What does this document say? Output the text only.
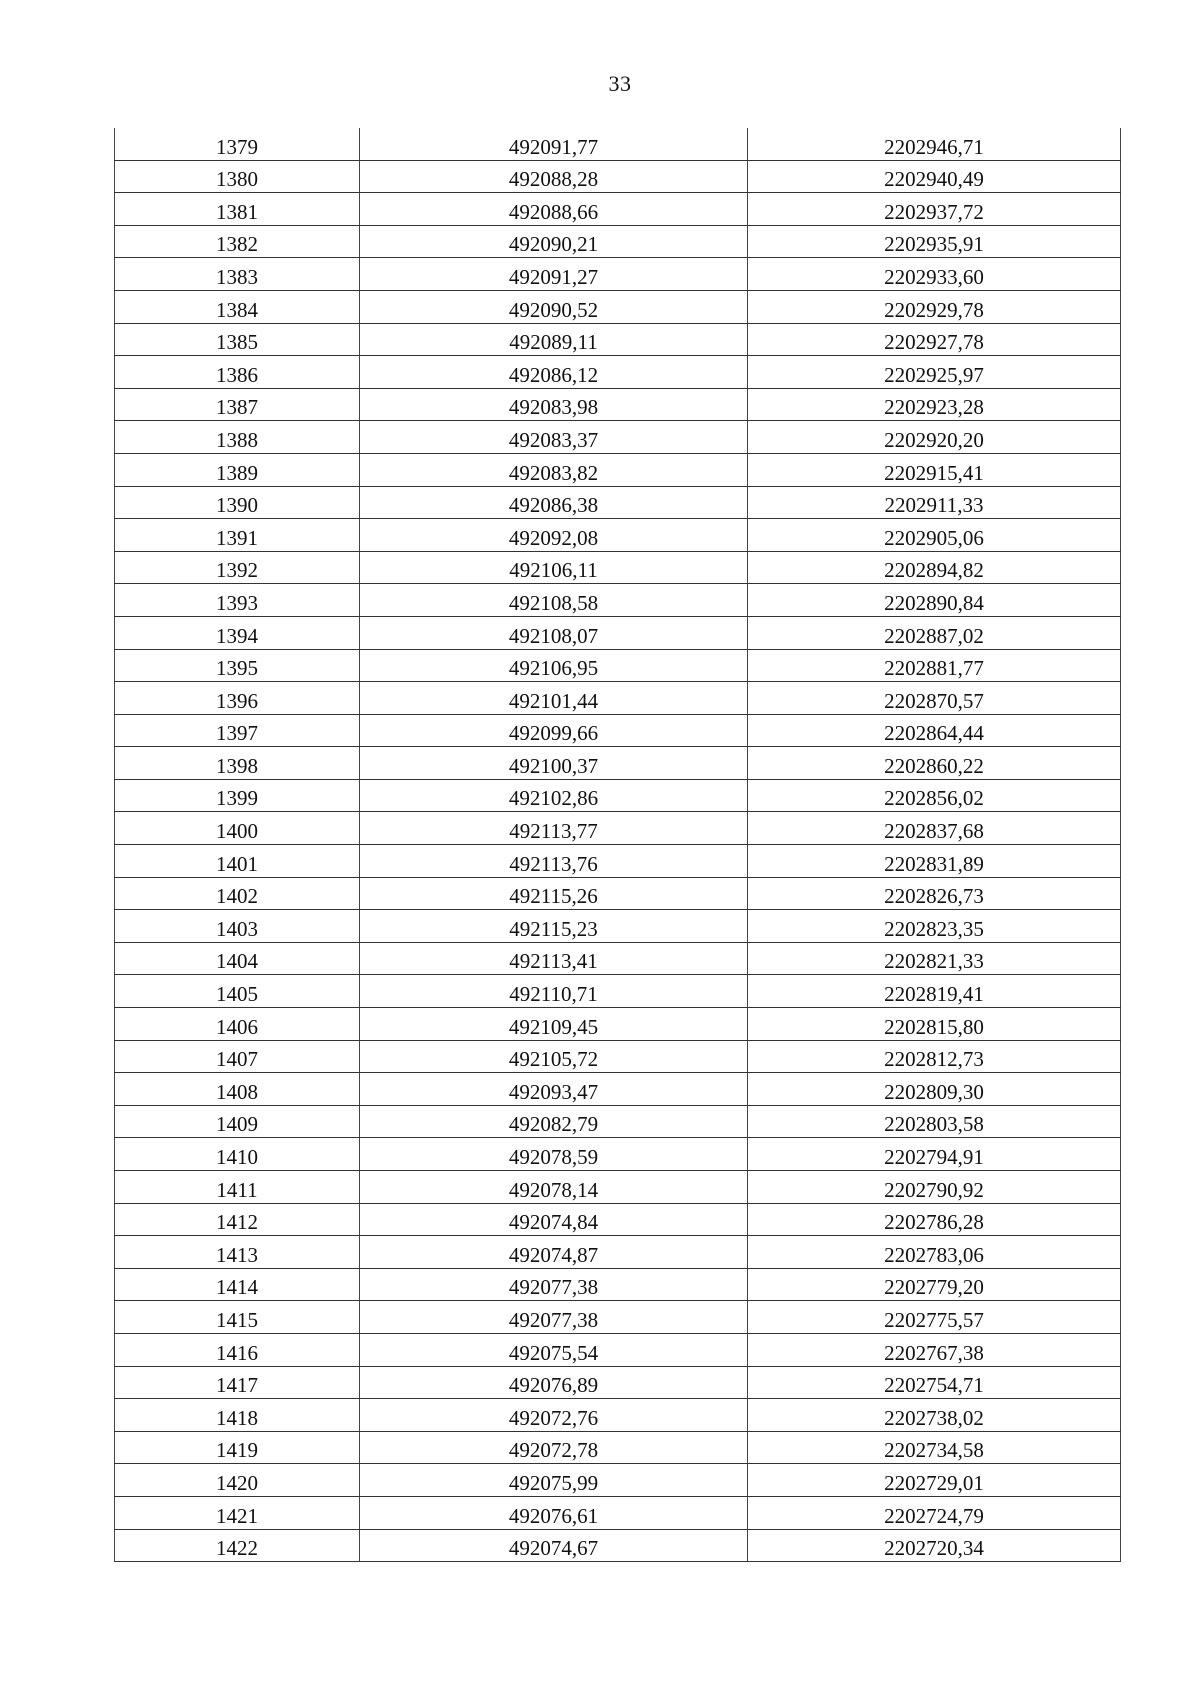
33
1379	492091,77	2202946,71
1380	492088,28	2202940,49
1381	492088,66	2202937,72
1382	492090,21	2202935,91
1383	492091,27	2202933,60
1384	492090,52	2202929,78
1385	492089,11	2202927,78
1386	492086,12	2202925,97
1387	492083,98	2202923,28
1388	492083,37	2202920,20
1389	492083,82	2202915,41
1390	492086,38	2202911,33
1391	492092,08	2202905,06
1392	492106,11	2202894,82
1393	492108,58	2202890,84
1394	492108,07	2202887,02
1395	492106,95	2202881,77
1396	492101,44	2202870,57
1397	492099,66	2202864,44
1398	492100,37	2202860,22
1399	492102,86	2202856,02
1400	492113,77	2202837,68
1401	492113,76	2202831,89
1402	492115,26	2202826,73
1403	492115,23	2202823,35
1404	492113,41	2202821,33
1405	492110,71	2202819,41
1406	492109,45	2202815,80
1407	492105,72	2202812,73
1408	492093,47	2202809,30
1409	492082,79	2202803,58
1410	492078,59	2202794,91
1411	492078,14	2202790,92
1412	492074,84	2202786,28
1413	492074,87	2202783,06
1414	492077,38	2202779,20
1415	492077,38	2202775,57
1416	492075,54	2202767,38
1417	492076,89	2202754,71
1418	492072,76	2202738,02
1419	492072,78	2202734,58
1420	492075,99	2202729,01
1421	492076,61	2202724,79
1422	492074,67	2202720,34
